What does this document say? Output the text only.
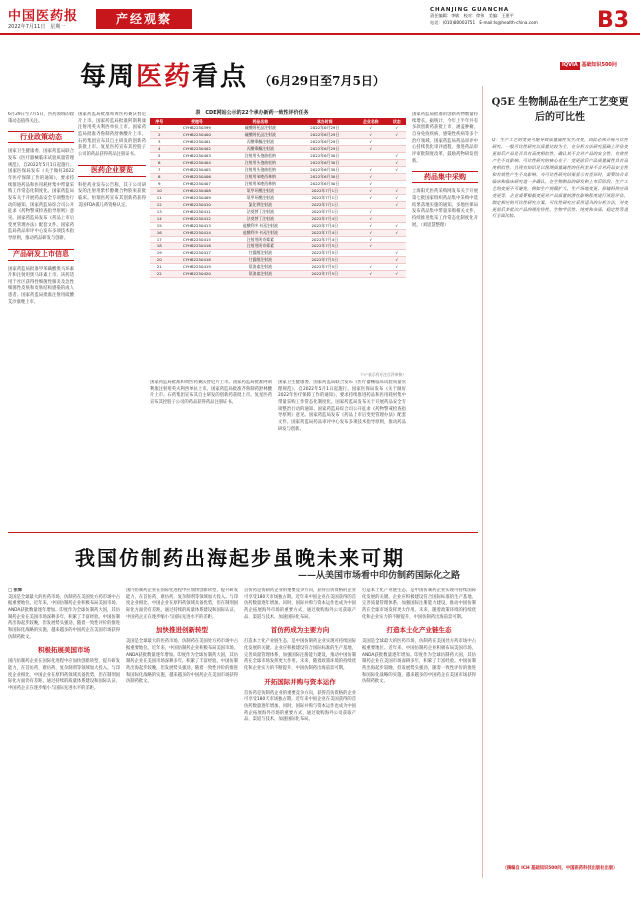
中国医药报
2022年7月11日　星期一
产经观察
CHANJING GUANCHA
责任编辑：李敏　校对：徐伟　美编：王建平
电话：(010)80003751　E-mail:ls@health-china.com	B3
每周医药看点 （6月29日至7月5日）

6月29日至7月5日，医药领域的政策动态值得关注。

行业政策动态

国家卫生健康委、国家药监局联合发布《医疗器械临床试验质量管理规范》，自2022年5月1日起施行。国家医保局发布《关于做好2022年医疗保障工作的通知》，要求持续推进药品和医用耗材集中带量采购工作常态化制度化。国家药监局发布关于开展药品安全专项整治行动的通知。国家药监局综合司公开征求《药物警戒检查指导原则》意见。国家药监局发布《药品上市后变更管理办法》配套文件。国家药监局药品审评中心发布多项技术指导原则，推动药品研发与创新。

产品研发上市信息

国家药监局批准甲苯磺酸奥马环素片和注射用奥马环素上市，该药适用于社区获得性细菌性肺炎及急性细菌性皮肤和皮肤结构感染的成人患者。国家药监局批准注射用硫酸艾沙康唑上市。

国家药监局批准和黄医药赛沃替尼片上市。国家药监局批准阿斯利康注射用英夫利西单抗上市。国家药监局批准齐鲁制药舒林酸片上市。石药集团宣布其自主研发的创新药获批上市。复星医药宣布其控股子公司的药品获得药品注册证书。

医药企业要览

科伦药业发布公告称，其子公司研发的注射用紫杉醇聚合物胶束获批临床。恒瑞医药宣布其创新药获得美国FDA孤儿药资格认定。

表　CDE网站公示的22个承办新药一致性评价任务
序号	受理号	药品名称	承办时间	企业名称	状态
1	CYHB2250399	硫酸阿托品注射液	2022年6月29日	√	√
2	CYHB2250400	硫酸阿托品注射液	2022年6月29日	√	√
3	CYHB2250401	丙酸睾酮注射液	2022年6月29日	√	
4	CYHB2250402	丙酸睾酮注射液	2022年6月29日	√	
5	CYHB2250403	注射用头孢曲松钠	2022年6月30日		√
6	CYHB2250404	注射用头孢曲松钠	2022年6月30日		√
7	CYHB2250405	注射用头孢曲松钠	2022年6月30日	√	√
8	CYHB2250406	注射用苯唑西林钠	2022年6月30日	√	
9	CYHB2250407	注射用苯唑西林钠	2022年6月30日	√	
10	CYHB2250408	氨甲环酸注射液	2022年7月1日	√	√
11	CYHB2250409	氨甲环酸注射液	2022年7月1日	√	√
12	CYHB2250410	氯化钾注射液	2022年7月1日		√
13	CYHB2250411	法莫替丁注射液	2022年7月1日	√	
14	CYHB2250412	法莫替丁注射液	2022年7月4日	√	
15	CYHB2250413	盐酸利多卡因注射液	2022年7月4日	√	√
16	CYHB2250414	盐酸利多卡因注射液	2022年7月4日	√	√
17	CYHB2250415	注射用阿奇霉素	2022年7月4日	√	
18	CYHB2250416	注射用阿奇霉素	2022年7月5日	√	
19	CYHB2250417	甘露醇注射液	2022年7月5日		√
20	CYHB2250418	甘露醇注射液	2022年7月5日		√
21	CYHB2250419	氨溴索注射液	2022年7月5日	√	√
22	CYHB2250420	氨溴索注射液	2022年7月5日	√	√
（"√"表示有专注点评审核）

国家药监局批准和黄医药赛沃替尼片上市。国家药监局批准阿斯利康注射用英夫利西单抗上市。国家药监局批准齐鲁制药舒林酸片上市。石药集团宣布其自主研发的创新药获批上市。复星医药宣布其控股子公司的药品获得药品注册证书。

国家卫生健康委、国家药监局联合发布《医疗器械临床试验质量管理规范》，自2022年5月1日起施行。国家医保局发布《关于做好2022年医疗保障工作的通知》，要求持续推进药品和医用耗材集中带量采购工作常态化制度化。国家药监局发布关于开展药品安全专项整治行动的通知。国家药监局综合司公开征求《药物警戒检查指导原则》意见。国家药监局发布《药品上市后变更管理办法》配套文件。国家药监局药品审评中心发布多项技术指导原则，推动药品研发与创新。

国家药监局批准的创新药物数量持续增长。据统计，今年上半年共有多款创新药获批上市，涵盖肿瘤、自身免疫疾病、感染性疾病等多个治疗领域。国家药监局药品审评中心持续优化审评流程，推进药品审评审批制度改革，鼓励药物研发创新。

药品集中采购

上海阳光医药采购网发布关于开展第七批国家组织药品集中采购中选结果落地实施的通知。多地医保局发布药品集中带量采购相关文件，持续推进集采工作常态化制度化开展。（刘思慧整理）

IQVIA 基础知识500问
Q5E 生物制品在生产工艺变更后的可比性
Q：生产工艺的变更可能导致质量属性发生改变，因此必须开展可比性研究。一般可比性研究以质量比较为主，在分析方法研究基础上评估变更前后产品是否具有高度相似性，确认其不会对产品的安全性、有效性产生不良影响。可比性研究的核心在于：变更前后产品质量属性具有高度相似性，且现有知识足以预测质量属性的任何差异不会对药品安全性和有效性产生不良影响。当可比性研究结果显示有差异时，需要结合非临床和临床研究进一步确认。在生物制品的研发和上市后阶段，生产工艺的变更不可避免，例如生产规模扩大、生产场地变更、原辅料供应商变更等，企业需要根据变更对产品质量的潜在影响程度进行风险评估，制定相应的可比性研究方案。可比性研究应采用适当的分析方法，对变更前后多批次产品的理化特性、生物学活性、纯度和杂质、稳定性等进行全面比较。
（摘编自 ICH 基础知识500问，中国医药科技出版社出版）
我国仿制药出海起步虽晚未来可期
——从美国市场看中印仿制药国际化之路

□ 张辉

美国是全球最大的医药市场，仿制药在美国处方药市场中占据重要地位。近年来，中国仿制药企业积极布局美国市场，ANDA获批数量逐年增加。印度作为全球仿制药大国，其仿制药企业在美国市场深耕多年，积累了丰富经验。中国仿制药出海起步较晚，但发展势头强劲，随着一致性评价的推进和国际化战略的实施，越来越多的中国药企在美国市场获得仿制药批文。

积极拓展美国市场

国内仿制药企业在国际化进程中应加快创新转型，提升研发能力，在首仿药、难仿药、复杂制剂等领域加大投入。与印度企业相比，中国企业在原料药领域具备优势，但在制剂国际化方面仍有差距。通过持续的质量体系建设和国际认证，中国药企正在逐步缩小与国际先进水平的差距。

国内仿制药企业在国际化进程中应加快创新转型，提升研发能力，在首仿药、难仿药、复杂制剂等领域加大投入。与印度企业相比，中国企业在原料药领域具备优势，但在制剂国际化方面仍有差距。通过持续的质量体系建设和国际认证，中国药企正在逐步缩小与国际先进水平的差距。

加快推进创新转型

美国是全球最大的医药市场，仿制药在美国处方药市场中占据重要地位。近年来，中国仿制药企业积极布局美国市场，ANDA获批数量逐年增加。印度作为全球仿制药大国，其仿制药企业在美国市场深耕多年，积累了丰富经验。中国仿制药出海起步较晚，但发展势头强劲，随着一致性评价的推进和国际化战略的实施，越来越多的中国药企在美国市场获得仿制药批文。

首仿药是仿制药企业的重要竞争方向，获得首仿资格的企业可享受180天市场独占期。近年来中国企业在美国获得的首仿药数量逐年增加。同时，国际并购与资本运作也成为中国药企拓展海外市场的重要方式，通过收购海外公司获取产品、渠道与技术，加速国际化布局。

首仿药成为主要方向

打造本土化产业链生态，是中国仿制药企业实现可持续国际化发展的关键。企业应积极建设符合国际标准的生产基地，完善质量管理体系，加强国际注册能力建设，推动中国仿制药在全球市场发挥更大作用。未来，随着政策环境的持续优化和企业实力的不断提升，中国仿制药出海前景可期。

开拓国际并购与资本运作

首仿药是仿制药企业的重要竞争方向，获得首仿资格的企业可享受180天市场独占期。近年来中国企业在美国获得的首仿药数量逐年增加。同时，国际并购与资本运作也成为中国药企拓展海外市场的重要方式，通过收购海外公司获取产品、渠道与技术，加速国际化布局。

打造本土化产业链生态，是中国仿制药企业实现可持续国际化发展的关键。企业应积极建设符合国际标准的生产基地，完善质量管理体系，加强国际注册能力建设，推动中国仿制药在全球市场发挥更大作用。未来，随着政策环境的持续优化和企业实力的不断提升，中国仿制药出海前景可期。

打造本土化产业链生态

美国是全球最大的医药市场，仿制药在美国处方药市场中占据重要地位。近年来，中国仿制药企业积极布局美国市场，ANDA获批数量逐年增加。印度作为全球仿制药大国，其仿制药企业在美国市场深耕多年，积累了丰富经验。中国仿制药出海起步较晚，但发展势头强劲，随着一致性评价的推进和国际化战略的实施，越来越多的中国药企在美国市场获得仿制药批文。
